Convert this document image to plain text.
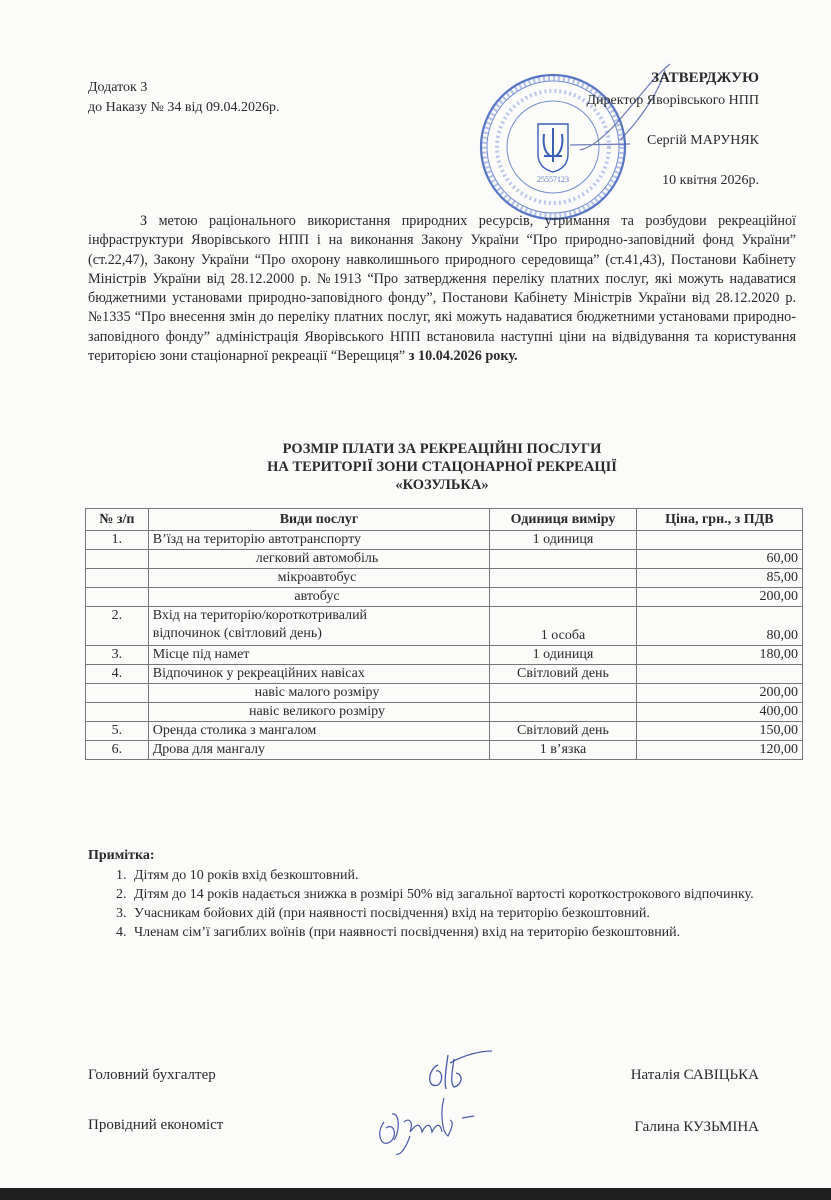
Додаток 3
до Наказу № 34 від 09.04.2026р.
25557123
ЗАТВЕРДЖУЮ
Директор Яворівського НПП
Сергій МАРУНЯК
10 квітня 2026р.
З метою раціонального використання природних ресурсів, утримання та розбудови рекреаційної інфраструктури Яворівського НПП і на виконання Закону України “Про природно-заповідний фонд України” (ст.22,47), Закону України “Про охорону навколишнього природного середовища” (ст.41,43), Постанови Кабінету Міністрів України від 28.12.2000 р. №1913 “Про затвердження переліку платних послуг, які можуть надаватися бюджетними установами природно-заповідного фонду”, Постанови Кабінету Міністрів України від 28.12.2020 р. №1335 “Про внесення змін до переліку платних послуг, які можуть надаватися бюджетними установами природно-заповідного фонду” адміністрація Яворівського НПП встановила наступні ціни на відвідування та користування територією зони стаціонарної рекреації “Верещиця” з 10.04.2026 року.
РОЗМІР ПЛАТИ ЗА РЕКРЕАЦІЙНІ ПОСЛУГИ
НА ТЕРИТОРІЇ ЗОНИ СТАЦОНАРНОЇ РЕКРЕАЦІЇ
«КОЗУЛЬКА»
№ з/п	Види послуг	Одиниця виміру	Ціна, грн., з ПДВ
1.	В’їзд на територію автотранспорту	1 одиниця	
	легковий автомобіль		60,00
	мікроавтобус		85,00
	автобус		200,00
2.	Вхід на територію/короткотривалий
відпочинок (світловий день)	1 особа	80,00
3.	Місце під намет	1 одиниця	180,00
4.	Відпочинок у рекреаційних навісах	Світловий день	
	навіс малого розміру		200,00
	навіс великого розміру		400,00
5.	Оренда столика з мангалом	Світловий день	150,00
6.	Дрова для мангалу	1 в’язка	120,00
Примітка:
1. Дітям до 10 років вхід безкоштовний.
2. Дітям до 14 років надається знижка в розмірі 50% від загальної вартості короткострокового відпочинку.
3. Учасникам бойових дій (при наявності посвідчення) вхід на територію безкоштовний.
4. Членам сім’ї загиблих воїнів (при наявності посвідчення) вхід на територію безкоштовний.
Головний бухгалтер	Наталія САВІЦЬКА
Провідний економіст	Галина КУЗЬМІНА
